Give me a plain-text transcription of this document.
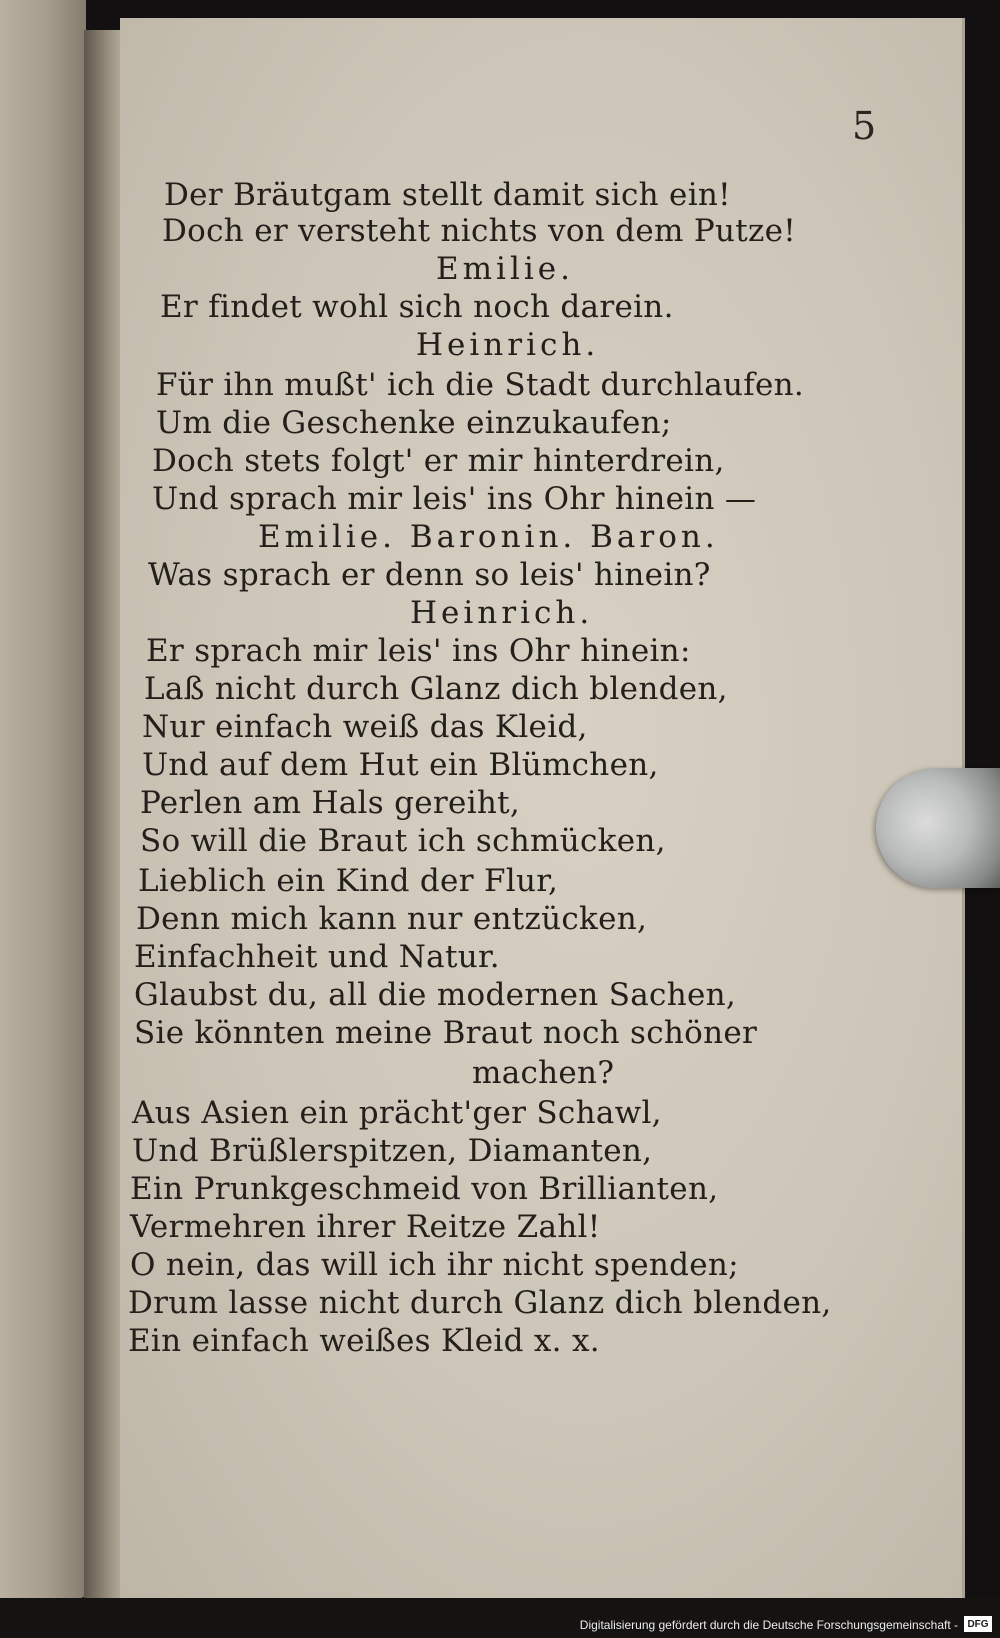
5
Der Bräutgam stellt damit sich ein!
Doch er versteht nichts von dem Putze!
Emilie.
Er findet wohl sich noch darein.
Heinrich.
Für ihn mußt' ich die Stadt durchlaufen.
Um die Geschenke einzukaufen;
Doch stets folgt' er mir hinterdrein,
Und sprach mir leis' ins Ohr hinein —
Emilie. Baronin. Baron.
Was sprach er denn so leis' hinein?
Heinrich.
Er sprach mir leis' ins Ohr hinein:
Laß nicht durch Glanz dich blenden,
Nur einfach weiß das Kleid,
Und auf dem Hut ein Blümchen,
Perlen am Hals gereiht,
So will die Braut ich schmücken,
Lieblich ein Kind der Flur,
Denn mich kann nur entzücken,
Einfachheit und Natur.
Glaubst du, all die modernen Sachen,
Sie könnten meine Braut noch schöner
machen?
Aus Asien ein prächt'ger Schawl,
Und Brüßlerspitzen, Diamanten,
Ein Prunkgeschmeid von Brillianten,
Vermehren ihrer Reitze Zahl!
O nein, das will ich ihr nicht spenden;
Drum lasse nicht durch Glanz dich blenden,
Ein einfach weißes Kleid x. x.
Digitalisierung gefördert durch die Deutsche Forschungsgemeinschaft - DFG
